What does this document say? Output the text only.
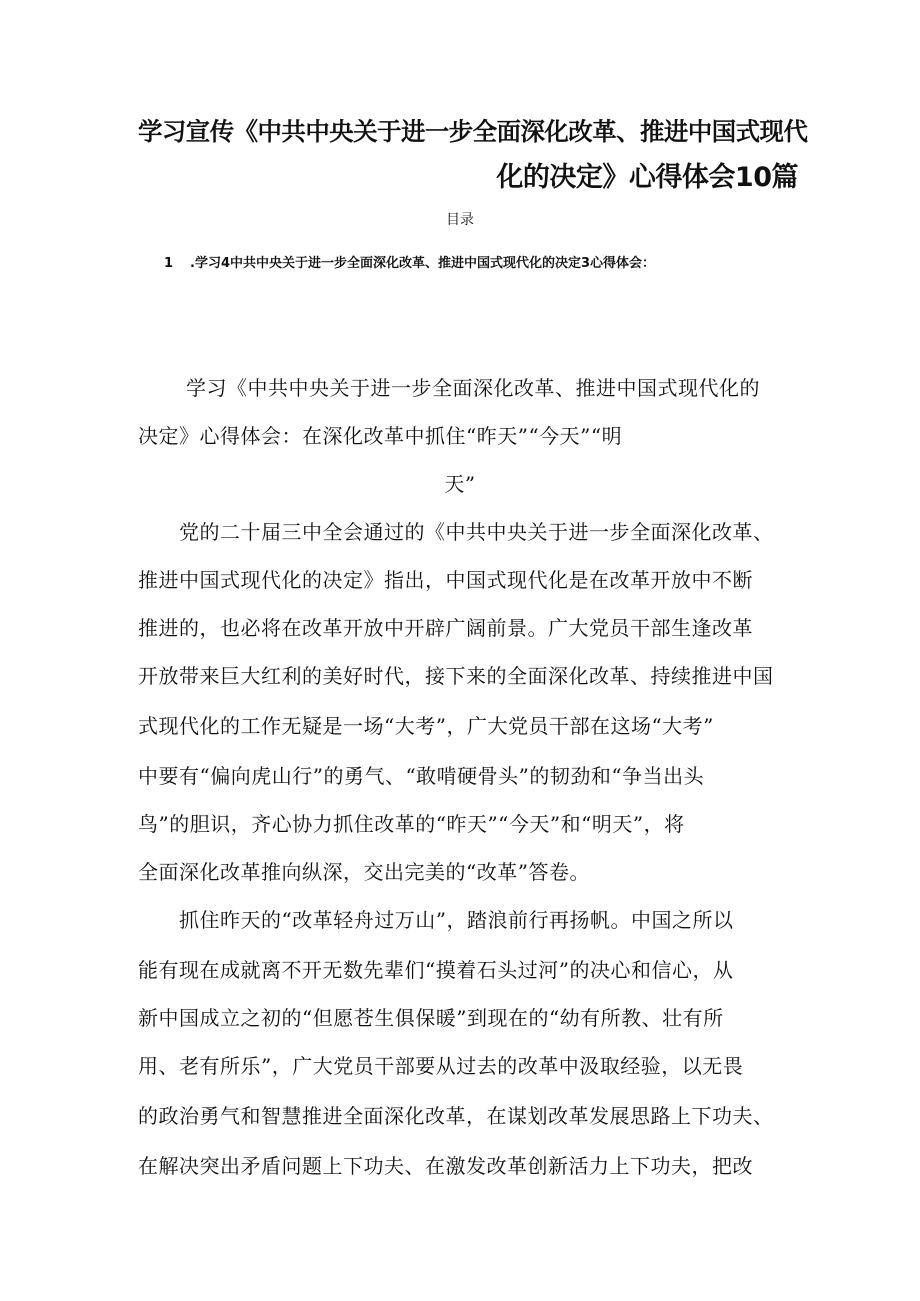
学习宣传《中共中央关于进一步全面深化改革、推进中国式现代
化的决定》心得体会10篇
目录
1 .学习4中共中央关于进一步全面深化改革、推进中国式现代化的决定3心得体会：
学习《中共中央关于进一步全面深化改革、推进中国式现代化的
决定》心得体会：在深化改革中抓住“昨天”“今天”“明
天”
　　党的二十届三中全会通过的《中共中央关于进一步全面深化改革、
推进中国式现代化的决定》指出，中国式现代化是在改革开放中不断
推进的，也必将在改革开放中开辟广阔前景。广大党员干部生逢改革
开放带来巨大红利的美好时代，接下来的全面深化改革、持续推进中国
式现代化的工作无疑是一场“大考”，广大党员干部在这场“大考”
中要有“偏向虎山行”的勇气、“敢啃硬骨头”的韧劲和“争当出头
鸟”的胆识，齐心协力抓住改革的“昨天”“今天”和“明天”，将
全面深化改革推向纵深，交出完美的“改革”答卷。
　　抓住昨天的“改革轻舟过万山”，踏浪前行再扬帆。中国之所以
能有现在成就离不开无数先辈们“摸着石头过河”的决心和信心，从
新中国成立之初的“但愿苍生俱保暖”到现在的“幼有所教、壮有所
用、老有所乐”，广大党员干部要从过去的改革中汲取经验，以无畏
的政治勇气和智慧推进全面深化改革，在谋划改革发展思路上下功夫、
在解决突出矛盾问题上下功夫、在激发改革创新活力上下功夫，把改
